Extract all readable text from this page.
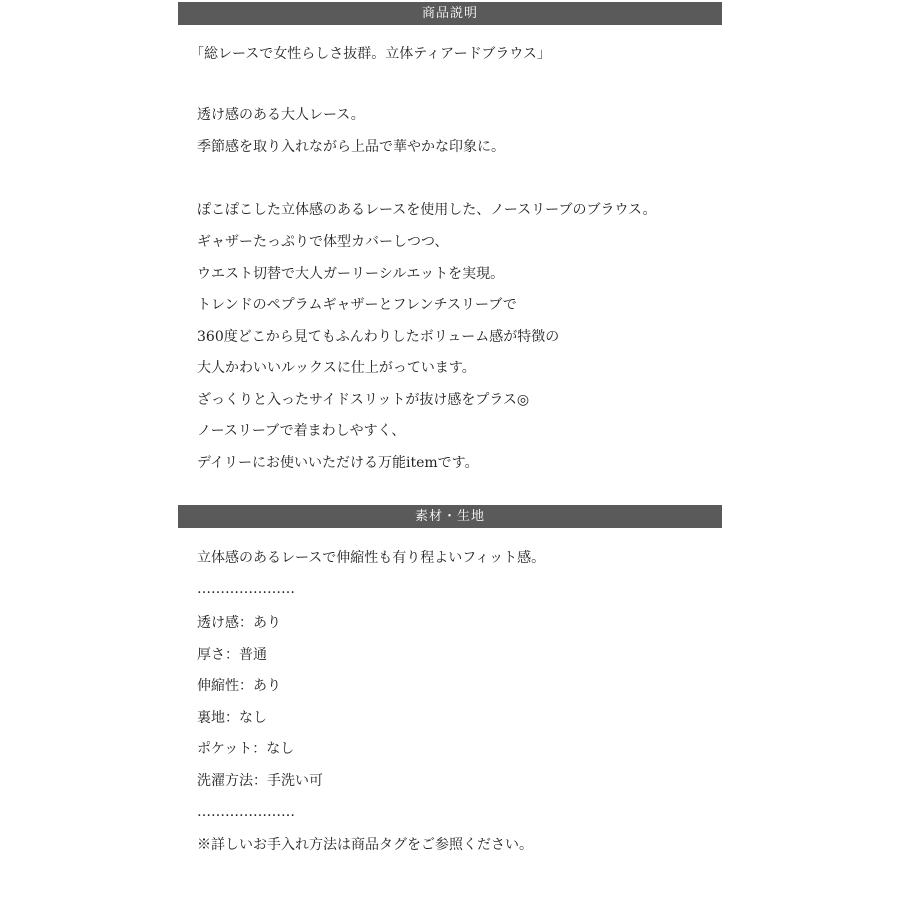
商品説明
「総レースで女性らしさ抜群。立体ティアードブラウス」
透け感のある大人レース。
季節感を取り入れながら上品で華やかな印象に。
ぽこぽこした立体感のあるレースを使用した、ノースリーブのブラウス。
ギャザーたっぷりで体型カバーしつつ、
ウエスト切替で大人ガーリーシルエットを実現。
トレンドのペプラムギャザーとフレンチスリーブで
360度どこから見てもふんわりしたボリューム感が特徴の
大人かわいいルックスに仕上がっています。
ざっくりと入ったサイドスリットが抜け感をプラス◎
ノースリーブで着まわしやすく、
デイリーにお使いいただける万能itemです。
素材・生地
立体感のあるレースで伸縮性も有り程よいフィット感。
…………………
透け感：あり
厚さ：普通
伸縮性：あり
裏地：なし
ポケット：なし
洗濯方法：手洗い可
…………………
※詳しいお手入れ方法は商品タグをご参照ください。
